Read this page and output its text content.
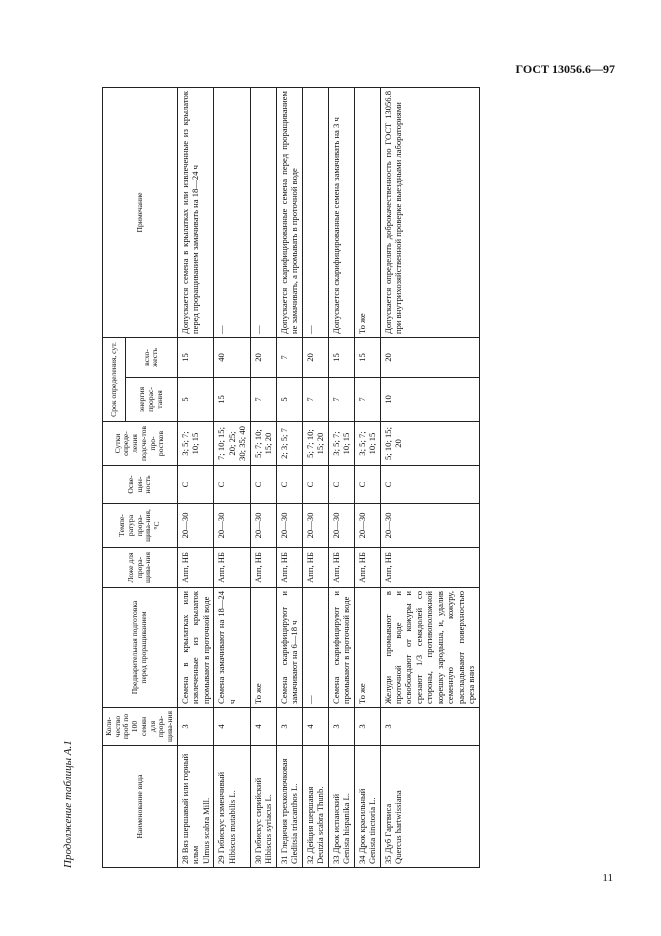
ГОСТ 13056.6—97
Продолжение таблицы А.1
11
Наименование вида	Коли-чество проб по 100 семян для прора-щива-ния	Предварительная подготовка перед проращиванием	Ложе для прора-щива-ния	Темпе-ратура прора-щива-ния, °С	Осве-щен-ность	Сутки опреде-ления подсче-тов про-ростков	Срок определения, сут.		Примечание
							энергия прорас-тания	всхо-жесть	
28 Вяз шершавый или горный ильм Ulmus scabra Mill.	3	Семена в крылатках или извлеченные из крылаток промывают в проточной воде	Апп, НБ	20—30	С	3; 5; 7; 10; 15	5	15	Допускается семена в крылатках или извлеченные из крылаток перед проращиванием замачивать на 18—24 ч
29 Гибискус изменчивый Hibiscus mutabilis L.	4	Семена замачивают на 18—24 ч	Апп, НБ	20—30	С	7; 10; 15; 20; 25; 30; 35; 40	15	40	—
30 Гибискус сирийский Hibiscus syriacus L.	4	То же	Апп, НБ	20—30	С	5; 7; 10; 15; 20	7	20	—
31 Гледичия трехколючковая Gleditsia triacanthos L.	3	Семена скарифицируют и замачивают на 6—18 ч	Апп, НБ	20—30	С	2; 3; 5; 7	5	7	Допускается скарифицированные семена перед проращиванием не замачивать, а промывать в проточной воде
32 Дейция шершавая Deutzia scabra Thunb.	4	—	Апп, НБ	20—30	С	5; 7; 10; 15; 20	7	20	—
33 Дрок испанский Genista hispanika L.	3	Семена скарифицируют и промывают в проточной воде	Апп, НБ	20—30	С	3; 5; 7; 10; 15	7	15	Допускается скарифицированные семена замачивать на 3 ч
34 Дрок красильный Genista tinctoria L.	3	То же	Апп, НБ	20—30	С	3; 5; 7; 10; 15	7	15	То же
35 Дуб Гартвиса Quercus hartwissiana	3	Желуди промывают в проточной воде и освобождают от кожуры и срезают 1/3 семядолей со стороны, противоположной корешку зародыша, и, удалив семенную кожуру, раскладывают поверхностью среза вниз	Апп, НБ	20—30	С	5; 10; 15; 20	10	20	Допускается определять доброкачественность по ГОСТ 13056.8 при внутрихозяйственной проверке выездными лабораториями
